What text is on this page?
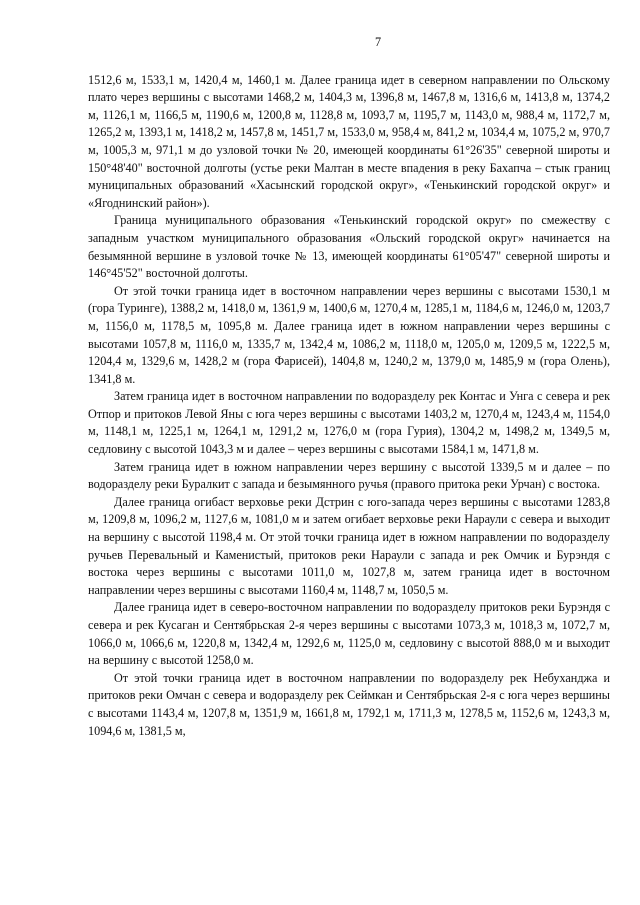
7

1512,6 м, 1533,1 м, 1420,4 м, 1460,1 м. Далее граница идет в северном направлении по Ольскому плато через вершины с высотами 1468,2 м, 1404,3 м, 1396,8 м, 1467,8 м, 1316,6 м, 1413,8 м, 1374,2 м, 1126,1 м, 1166,5 м, 1190,6 м, 1200,8 м, 1128,8 м, 1093,7 м, 1195,7 м, 1143,0 м, 988,4 м, 1172,7 м, 1265,2 м, 1393,1 м, 1418,2 м, 1457,8 м, 1451,7 м, 1533,0 м, 958,4 м, 841,2 м, 1034,4 м, 1075,2 м, 970,7 м, 1005,3 м, 971,1 м до узловой точки № 20, имеющей координаты 61°26'35" северной широты и 150°48'40" восточной долготы (устье реки Малтан в месте впадения в реку Бахапча – стык границ муниципальных образований «Хасынский городской округ», «Тенькинский городской округ» и «Ягоднинский район»).

Граница муниципального образования «Тенькинский городской округ» по смежеству с западным участком муниципального образования «Ольский городской округ» начинается на безымянной вершине в узловой точке № 13, имеющей координаты 61°05'47" северной широты и 146°45'52" восточной долготы.

От этой точки граница идет в восточном направлении через вершины с высотами 1530,1 м (гора Турингe), 1388,2 м, 1418,0 м, 1361,9 м, 1400,6 м, 1270,4 м, 1285,1 м, 1184,6 м, 1246,0 м, 1203,7 м, 1156,0 м, 1178,5 м, 1095,8 м. Далее граница идет в южном направлении через вершины с высотами 1057,8 м, 1116,0 м, 1335,7 м, 1342,4 м, 1086,2 м, 1118,0 м, 1205,0 м, 1209,5 м, 1222,5 м, 1204,4 м, 1329,6 м, 1428,2 м (гора Фарисей), 1404,8 м, 1240,2 м, 1379,0 м, 1485,9 м (гора Олень), 1341,8 м.

Затем граница идет в восточном направлении по водоразделу рек Контас и Унга с севера и рек Отпор и притоков Левой Яны с юга через вершины с высотами 1403,2 м, 1270,4 м, 1243,4 м, 1154,0 м, 1148,1 м, 1225,1 м, 1264,1 м, 1291,2 м, 1276,0 м (гора Гурия), 1304,2 м, 1498,2 м, 1349,5 м, седловину с высотой 1043,3 м и далее – через вершины с высотами 1584,1 м, 1471,8 м.

Затем граница идет в южном направлении через вершину с высотой 1339,5 м и далее – по водоразделу реки Буралкит с запада и безымянного ручья (правого притока реки Урчан) с востока.

Далее граница огибаст верховье реки Дстрин с юго-запада через вершины с высотами 1283,8 м, 1209,8 м, 1096,2 м, 1127,6 м, 1081,0 м и затем огибает верховье реки Нараули с севера и выходит на вершину с высотой 1198,4 м. От этой точки граница идет в южном направлении по водоразделу ручьев Перевальный и Каменистый, притоков реки Нараули с запада и рек Омчик и Бурэндя с востока через вершины с высотами 1011,0 м, 1027,8 м, затем граница идет в восточном направлении через вершины с высотами 1160,4 м, 1148,7 м, 1050,5 м.

Далее граница идет в северо-восточном направлении по водоразделу притоков реки Бурэндя с севера и рек Кусаган и Сентябрьская 2-я через вершины с высотами 1073,3 м, 1018,3 м, 1072,7 м, 1066,0 м, 1066,6 м, 1220,8 м, 1342,4 м, 1292,6 м, 1125,0 м, седловину с высотой 888,0 м и выходит на вершину с высотой 1258,0 м.

От этой точки граница идет в восточном направлении по водоразделу рек Небуханджа и притоков реки Омчан с севера и водоразделу рек Сеймкан и Сентябрьская 2-я с юга через вершины с высотами 1143,4 м, 1207,8 м, 1351,9 м, 1661,8 м, 1792,1 м, 1711,3 м, 1278,5 м, 1152,6 м, 1243,3 м, 1094,6 м, 1381,5 м,
